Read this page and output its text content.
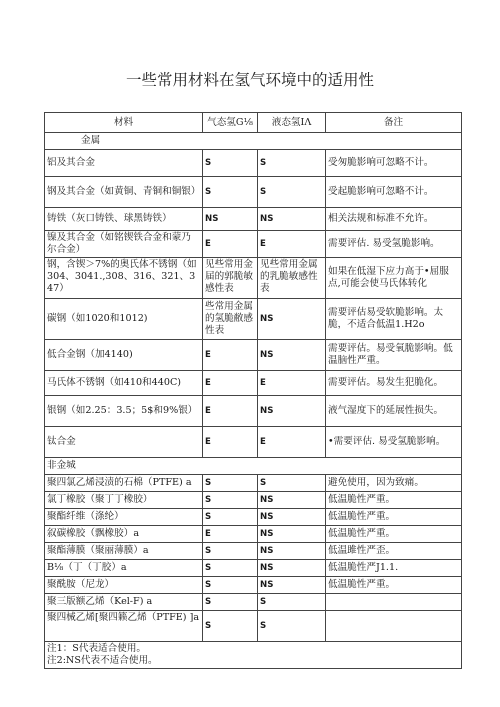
一些常用材料在氢气环境中的适用性
材料	气态氢G⅛	液态氢IΛ	备注
金属			
铝及其合金	S	S	受匆脆影响可忽略不计。
钢及其合金（如黄铜、青铜和铜银）	S	S	受起脆影响可忽略不计。
铸铁（灰口铸铁、球黑铸铁）	NS	NS	相关法规和标准不允许。
镍及其合金（如铭锲铁合金和蒙乃尔合金）	E	E	需要评估. 易受氢脆影响。
钢，含锲＞7%的奥氏体不锈钢（如304、3041.,308、316、321、347）	见些常用金届的郭脆敏感性表	见些常用金属的乳脆敏感性表	如果在低湿下应力高于•屈服点,可能会使马氏体转化
碳钢（如1020和1012)	些常用金属的氢脆敝感性表	NS	需要评估易受软脆影响。太脆，不适合低温1.H2o
低合金钢（加4140)	E	NS	需要评估。易受氧脆影响。低温脑性严重。
马氏体不锈钢（如410和440C)	E	E	需要评估。易发生犯脆化。
银钢（如2.25：3.5；5$和9%银）	E	NS	液气湿度下的延展性损失。
钛合金	E	E	•需要评估. 易受氢脆影响。
非金城			
聚四氯乙烯浸渍的石棉（PTFE) a	S	S	避免使用，因为致痛。
氯丁橡胶（聚丁丁橡胶）	S	NS	低温脆性严重。
聚酯纤维（涤纶）	S	NS	低温脆性严重。
叙碳橡胶（飘橡胶）a	E	NS	低温脆性严重。
聚酯薄膜（聚丽薄膜）a	S	NS	低温雎性严歪。
B⅛（丁（丁胶）a	S	NS	低温脆性严J1.1.
聚酰胺（尼龙）	S	NS	低温脆性严重。
聚三版额乙烯（Kel-F) a	S	S	
聚四械乙烯[聚四籁乙烯（PTFE) ]a	S	S	

注1：S代表适合使用。
注2:NS代表不适合使用。			
